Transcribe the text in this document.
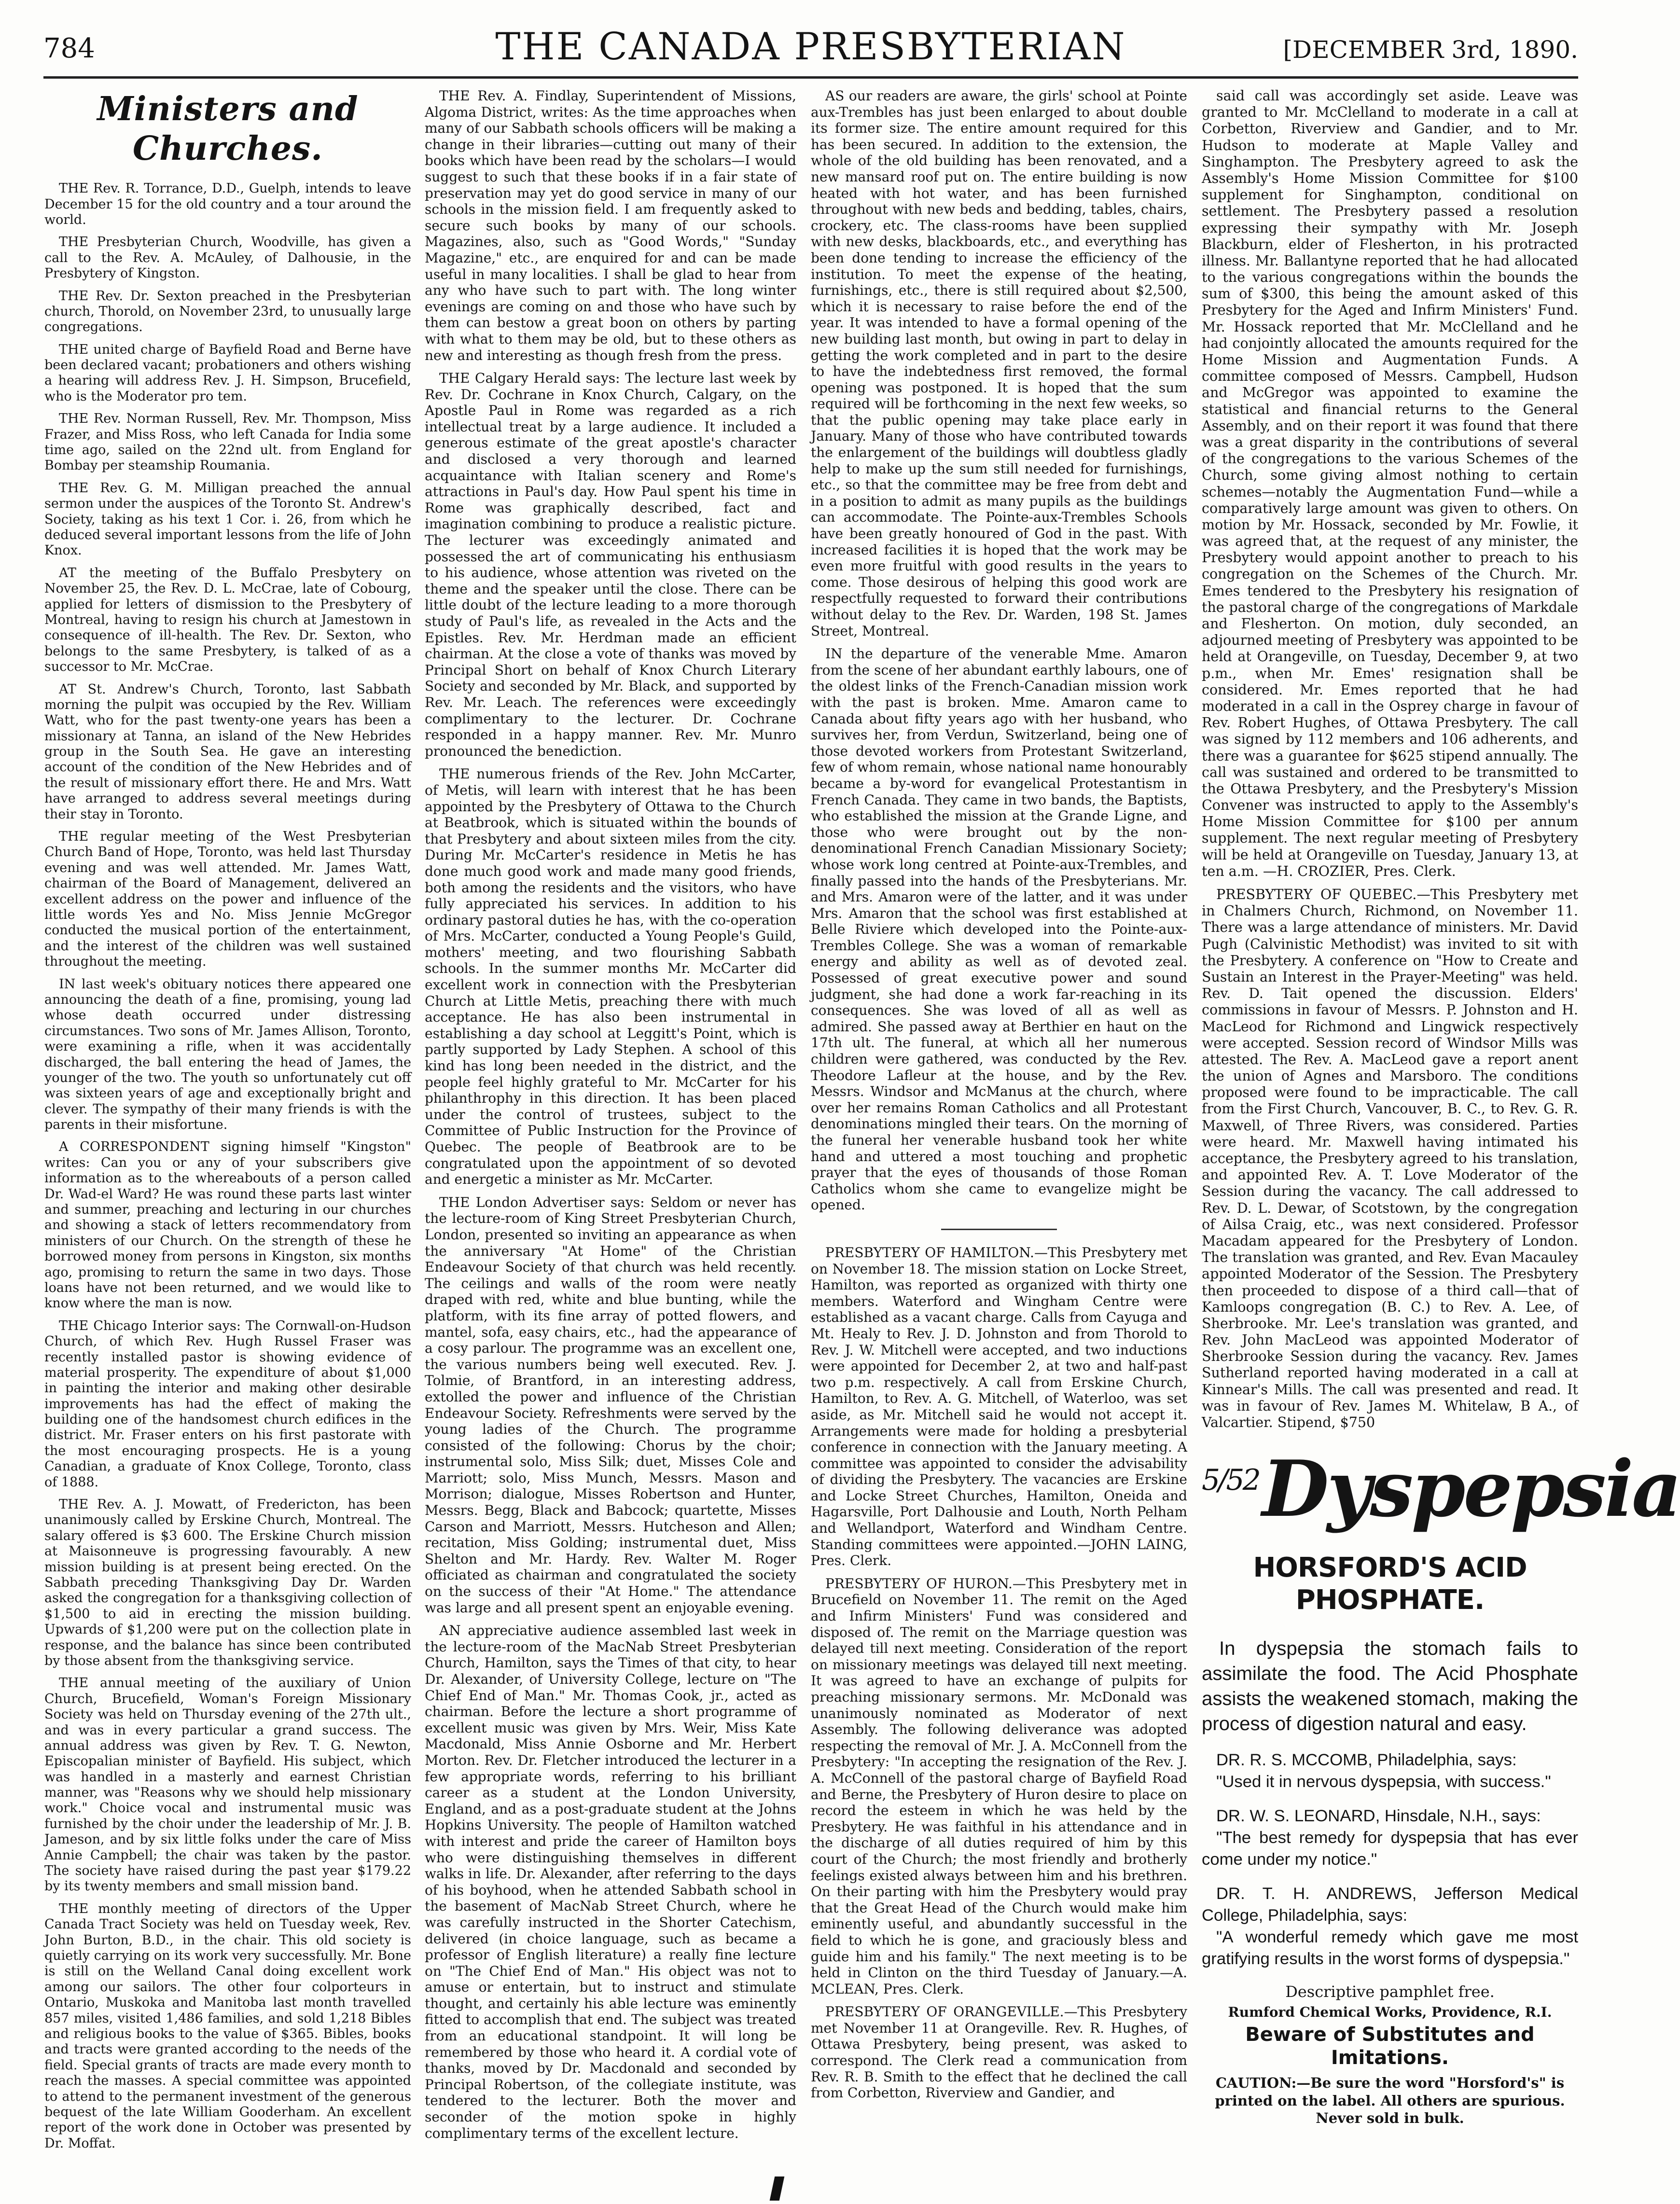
784	THE CANADA PRESBYTERIAN	[DECEMBER 3rd, 1890.
Ministers and Churches.

THE Rev. R. Torrance, D.D., Guelph, intends to leave December 15 for the old country and a tour around the world.

THE Presbyterian Church, Woodville, has given a call to the Rev. A. McAuley, of Dalhousie, in the Presbytery of Kingston.

THE Rev. Dr. Sexton preached in the Presbyterian church, Thorold, on November 23rd, to unusually large congregations.

THE united charge of Bayfield Road and Berne have been declared vacant; probationers and others wishing a hearing will address Rev. J. H. Simpson, Brucefield, who is the Moderator pro tem.

THE Rev. Norman Russell, Rev. Mr. Thompson, Miss Frazer, and Miss Ross, who left Canada for India some time ago, sailed on the 22nd ult. from England for Bombay per steamship Roumania.

THE Rev. G. M. Milligan preached the annual sermon under the auspices of the Toronto St. Andrew's Society, taking as his text 1 Cor. i. 26, from which he deduced several important lessons from the life of John Knox.

AT the meeting of the Buffalo Presbytery on November 25, the Rev. D. L. McCrae, late of Cobourg, applied for letters of dismission to the Presbytery of Montreal, having to resign his church at Jamestown in consequence of ill-health. The Rev. Dr. Sexton, who belongs to the same Presbytery, is talked of as a successor to Mr. McCrae.

AT St. Andrew's Church, Toronto, last Sabbath morning the pulpit was occupied by the Rev. William Watt, who for the past twenty-one years has been a missionary at Tanna, an island of the New Hebrides group in the South Sea. He gave an interesting account of the condition of the New Hebrides and of the result of missionary effort there. He and Mrs. Watt have arranged to address several meetings during their stay in Toronto.

THE regular meeting of the West Presbyterian Church Band of Hope, Toronto, was held last Thursday evening and was well attended. Mr. James Watt, chairman of the Board of Management, delivered an excellent address on the power and influence of the little words Yes and No. Miss Jennie McGregor conducted the musical portion of the entertainment, and the interest of the children was well sustained throughout the meeting.

IN last week's obituary notices there appeared one announcing the death of a fine, promising, young lad whose death occurred under distressing circumstances. Two sons of Mr. James Allison, Toronto, were examining a rifle, when it was accidentally discharged, the ball entering the head of James, the younger of the two. The youth so unfortunately cut off was sixteen years of age and exceptionally bright and clever. The sympathy of their many friends is with the parents in their misfortune.

A CORRESPONDENT signing himself "Kingston" writes: Can you or any of your subscribers give information as to the whereabouts of a person called Dr. Wad-el Ward? He was round these parts last winter and summer, preaching and lecturing in our churches and showing a stack of letters recommendatory from ministers of our Church. On the strength of these he borrowed money from persons in Kingston, six months ago, promising to return the same in two days. Those loans have not been returned, and we would like to know where the man is now.

THE Chicago Interior says: The Cornwall-on-Hudson Church, of which Rev. Hugh Russel Fraser was recently installed pastor is showing evidence of material prosperity. The expenditure of about $1,000 in painting the interior and making other desirable improvements has had the effect of making the building one of the handsomest church edifices in the district. Mr. Fraser enters on his first pastorate with the most encouraging prospects. He is a young Canadian, a graduate of Knox College, Toronto, class of 1888.

THE Rev. A. J. Mowatt, of Fredericton, has been unanimously called by Erskine Church, Montreal. The salary offered is $3 600. The Erskine Church mission at Maisonneuve is progressing favourably. A new mission building is at present being erected. On the Sabbath preceding Thanksgiving Day Dr. Warden asked the congregation for a thanksgiving collection of $1,500 to aid in erecting the mission building. Upwards of $1,200 were put on the collection plate in response, and the balance has since been contributed by those absent from the thanksgiving service.

THE annual meeting of the auxiliary of Union Church, Brucefield, Woman's Foreign Missionary Society was held on Thursday evening of the 27th ult., and was in every particular a grand success. The annual address was given by Rev. T. G. Newton, Episcopalian minister of Bayfield. His subject, which was handled in a masterly and earnest Christian manner, was "Reasons why we should help missionary work." Choice vocal and instrumental music was furnished by the choir under the leadership of Mr. J. B. Jameson, and by six little folks under the care of Miss Annie Campbell; the chair was taken by the pastor. The society have raised during the past year $179.22 by its twenty members and small mission band.

THE monthly meeting of directors of the Upper Canada Tract Society was held on Tuesday week, Rev. John Burton, B.D., in the chair. This old society is quietly carrying on its work very successfully. Mr. Bone is still on the Welland Canal doing excellent work among our sailors. The other four colporteurs in Ontario, Muskoka and Manitoba last month travelled 857 miles, visited 1,486 families, and sold 1,218 Bibles and religious books to the value of $365. Bibles, books and tracts were granted according to the needs of the field. Special grants of tracts are made every month to reach the masses. A special committee was appointed to attend to the permanent investment of the generous bequest of the late William Gooderham. An excellent report of the work done in October was presented by Dr. Moffat.

THE Rev. A. Findlay, Superintendent of Missions, Algoma District, writes: As the time approaches when many of our Sabbath schools officers will be making a change in their libraries—cutting out many of their books which have been read by the scholars—I would suggest to such that these books if in a fair state of preservation may yet do good service in many of our schools in the mission field. I am frequently asked to secure such books by many of our schools. Magazines, also, such as "Good Words," "Sunday Magazine," etc., are enquired for and can be made useful in many localities. I shall be glad to hear from any who have such to part with. The long winter evenings are coming on and those who have such by them can bestow a great boon on others by parting with what to them may be old, but to these others as new and interesting as though fresh from the press.

THE Calgary Herald says: The lecture last week by Rev. Dr. Cochrane in Knox Church, Calgary, on the Apostle Paul in Rome was regarded as a rich intellectual treat by a large audience. It included a generous estimate of the great apostle's character and disclosed a very thorough and learned acquaintance with Italian scenery and Rome's attractions in Paul's day. How Paul spent his time in Rome was graphically described, fact and imagination combining to produce a realistic picture. The lecturer was exceedingly animated and possessed the art of communicating his enthusiasm to his audience, whose attention was riveted on the theme and the speaker until the close. There can be little doubt of the lecture leading to a more thorough study of Paul's life, as revealed in the Acts and the Epistles. Rev. Mr. Herdman made an efficient chairman. At the close a vote of thanks was moved by Principal Short on behalf of Knox Church Literary Society and seconded by Mr. Black, and supported by Rev. Mr. Leach. The references were exceedingly complimentary to the lecturer. Dr. Cochrane responded in a happy manner. Rev. Mr. Munro pronounced the benediction.

THE numerous friends of the Rev. John McCarter, of Metis, will learn with interest that he has been appointed by the Presbytery of Ottawa to the Church at Beatbrook, which is situated within the bounds of that Presbytery and about sixteen miles from the city. During Mr. McCarter's residence in Metis he has done much good work and made many good friends, both among the residents and the visitors, who have fully appreciated his services. In addition to his ordinary pastoral duties he has, with the co-operation of Mrs. McCarter, conducted a Young People's Guild, mothers' meeting, and two flourishing Sabbath schools. In the summer months Mr. McCarter did excellent work in connection with the Presbyterian Church at Little Metis, preaching there with much acceptance. He has also been instrumental in establishing a day school at Leggitt's Point, which is partly supported by Lady Stephen. A school of this kind has long been needed in the district, and the people feel highly grateful to Mr. McCarter for his philanthrophy in this direction. It has been placed under the control of trustees, subject to the Committee of Public Instruction for the Province of Quebec. The people of Beatbrook are to be congratulated upon the appointment of so devoted and energetic a minister as Mr. McCarter.

THE London Advertiser says: Seldom or never has the lecture-room of King Street Presbyterian Church, London, presented so inviting an appearance as when the anniversary "At Home" of the Christian Endeavour Society of that church was held recently. The ceilings and walls of the room were neatly draped with red, white and blue bunting, while the platform, with its fine array of potted flowers, and mantel, sofa, easy chairs, etc., had the appearance of a cosy parlour. The programme was an excellent one, the various numbers being well executed. Rev. J. Tolmie, of Brantford, in an interesting address, extolled the power and influence of the Christian Endeavour Society. Refreshments were served by the young ladies of the Church. The programme consisted of the following: Chorus by the choir; instrumental solo, Miss Silk; duet, Misses Cole and Marriott; solo, Miss Munch, Messrs. Mason and Morrison; dialogue, Misses Robertson and Hunter, Messrs. Begg, Black and Babcock; quartette, Misses Carson and Marriott, Messrs. Hutcheson and Allen; recitation, Miss Golding; instrumental duet, Miss Shelton and Mr. Hardy. Rev. Walter M. Roger officiated as chairman and congratulated the society on the success of their "At Home." The attendance was large and all present spent an enjoyable evening.

AN appreciative audience assembled last week in the lecture-room of the MacNab Street Presbyterian Church, Hamilton, says the Times of that city, to hear Dr. Alexander, of University College, lecture on "The Chief End of Man." Mr. Thomas Cook, jr., acted as chairman. Before the lecture a short programme of excellent music was given by Mrs. Weir, Miss Kate Macdonald, Miss Annie Osborne and Mr. Herbert Morton. Rev. Dr. Fletcher introduced the lecturer in a few appropriate words, referring to his brilliant career as a student at the London University, England, and as a post-graduate student at the Johns Hopkins University. The people of Hamilton watched with interest and pride the career of Hamilton boys who were distinguishing themselves in different walks in life. Dr. Alexander, after referring to the days of his boyhood, when he attended Sabbath school in the basement of MacNab Street Church, where he was carefully instructed in the Shorter Catechism, delivered (in choice language, such as became a professor of English literature) a really fine lecture on "The Chief End of Man." His object was not to amuse or entertain, but to instruct and stimulate thought, and certainly his able lecture was eminently fitted to accomplish that end. The subject was treated from an educational standpoint. It will long be remembered by those who heard it. A cordial vote of thanks, moved by Dr. Macdonald and seconded by Principal Robertson, of the collegiate institute, was tendered to the lecturer. Both the mover and seconder of the motion spoke in highly complimentary terms of the excellent lecture.

AS our readers are aware, the girls' school at Pointe aux-Trembles has just been enlarged to about double its former size. The entire amount required for this has been secured. In addition to the extension, the whole of the old building has been renovated, and a new mansard roof put on. The entire building is now heated with hot water, and has been furnished throughout with new beds and bedding, tables, chairs, crockery, etc. The class-rooms have been supplied with new desks, blackboards, etc., and everything has been done tending to increase the efficiency of the institution. To meet the expense of the heating, furnishings, etc., there is still required about $2,500, which it is necessary to raise before the end of the year. It was intended to have a formal opening of the new building last month, but owing in part to delay in getting the work completed and in part to the desire to have the indebtedness first removed, the formal opening was postponed. It is hoped that the sum required will be forthcoming in the next few weeks, so that the public opening may take place early in January. Many of those who have contributed towards the enlargement of the buildings will doubtless gladly help to make up the sum still needed for furnishings, etc., so that the committee may be free from debt and in a position to admit as many pupils as the buildings can accommodate. The Pointe-aux-Trembles Schools have been greatly honoured of God in the past. With increased facilities it is hoped that the work may be even more fruitful with good results in the years to come. Those desirous of helping this good work are respectfully requested to forward their contributions without delay to the Rev. Dr. Warden, 198 St. James Street, Montreal.

IN the departure of the venerable Mme. Amaron from the scene of her abundant earthly labours, one of the oldest links of the French-Canadian mission work with the past is broken. Mme. Amaron came to Canada about fifty years ago with her husband, who survives her, from Verdun, Switzerland, being one of those devoted workers from Protestant Switzerland, few of whom remain, whose national name honourably became a by-word for evangelical Protestantism in French Canada. They came in two bands, the Baptists, who established the mission at the Grande Ligne, and those who were brought out by the non-denominational French Canadian Missionary Society; whose work long centred at Pointe-aux-Trembles, and finally passed into the hands of the Presbyterians. Mr. and Mrs. Amaron were of the latter, and it was under Mrs. Amaron that the school was first established at Belle Riviere which developed into the Pointe-aux-Trembles College. She was a woman of remarkable energy and ability as well as of devoted zeal. Possessed of great executive power and sound judgment, she had done a work far-reaching in its consequences. She was loved of all as well as admired. She passed away at Berthier en haut on the 17th ult. The funeral, at which all her numerous children were gathered, was conducted by the Rev. Theodore Lafleur at the house, and by the Rev. Messrs. Windsor and McManus at the church, where over her remains Roman Catholics and all Protestant denominations mingled their tears. On the morning of the funeral her venerable husband took her white hand and uttered a most touching and prophetic prayer that the eyes of thousands of those Roman Catholics whom she came to evangelize might be opened.

PRESBYTERY OF HAMILTON.—This Presbytery met on November 18. The mission station on Locke Street, Hamilton, was reported as organized with thirty one members. Waterford and Wingham Centre were established as a vacant charge. Calls from Cayuga and Mt. Healy to Rev. J. D. Johnston and from Thorold to Rev. J. W. Mitchell were accepted, and two inductions were appointed for December 2, at two and half-past two p.m. respectively. A call from Erskine Church, Hamilton, to Rev. A. G. Mitchell, of Waterloo, was set aside, as Mr. Mitchell said he would not accept it. Arrangements were made for holding a presbyterial conference in connection with the January meeting. A committee was appointed to consider the advisability of dividing the Presbytery. The vacancies are Erskine and Locke Street Churches, Hamilton, Oneida and Hagarsville, Port Dalhousie and Louth, North Pelham and Wellandport, Waterford and Windham Centre. Standing committees were appointed.—JOHN LAING, Pres. Clerk.

PRESBYTERY OF HURON.—This Presbytery met in Brucefield on November 11. The remit on the Aged and Infirm Ministers' Fund was considered and disposed of. The remit on the Marriage question was delayed till next meeting. Consideration of the report on missionary meetings was delayed till next meeting. It was agreed to have an exchange of pulpits for preaching missionary sermons. Mr. McDonald was unanimously nominated as Moderator of next Assembly. The following deliverance was adopted respecting the removal of Mr. J. A. McConnell from the Presbytery: "In accepting the resignation of the Rev. J. A. McConnell of the pastoral charge of Bayfield Road and Berne, the Presbytery of Huron desire to place on record the esteem in which he was held by the Presbytery. He was faithful in his attendance and in the discharge of all duties required of him by this court of the Church; the most friendly and brotherly feelings existed always between him and his brethren. On their parting with him the Presbytery would pray that the Great Head of the Church would make him eminently useful, and abundantly successful in the field to which he is gone, and graciously bless and guide him and his family." The next meeting is to be held in Clinton on the third Tuesday of January.—A. MCLEAN, Pres. Clerk.

PRESBYTERY OF ORANGEVILLE.—This Presbytery met November 11 at Orangeville. Rev. R. Hughes, of Ottawa Presbytery, being present, was asked to correspond. The Clerk read a communication from Rev. R. B. Smith to the effect that he declined the call from Corbetton, Riverview and Gandier, and

said call was accordingly set aside. Leave was granted to Mr. McClelland to moderate in a call at Corbetton, Riverview and Gandier, and to Mr. Hudson to moderate at Maple Valley and Singhampton. The Presbytery agreed to ask the Assembly's Home Mission Committee for $100 supplement for Singhampton, conditional on settlement. The Presbytery passed a resolution expressing their sympathy with Mr. Joseph Blackburn, elder of Flesherton, in his protracted illness. Mr. Ballantyne reported that he had allocated to the various congregations within the bounds the sum of $300, this being the amount asked of this Presbytery for the Aged and Infirm Ministers' Fund. Mr. Hossack reported that Mr. McClelland and he had conjointly allocated the amounts required for the Home Mission and Augmentation Funds. A committee composed of Messrs. Campbell, Hudson and McGregor was appointed to examine the statistical and financial returns to the General Assembly, and on their report it was found that there was a great disparity in the contributions of several of the congregations to the various Schemes of the Church, some giving almost nothing to certain schemes—notably the Augmentation Fund—while a comparatively large amount was given to others. On motion by Mr. Hossack, seconded by Mr. Fowlie, it was agreed that, at the request of any minister, the Presbytery would appoint another to preach to his congregation on the Schemes of the Church. Mr. Emes tendered to the Presbytery his resignation of the pastoral charge of the congregations of Markdale and Flesherton. On motion, duly seconded, an adjourned meeting of Presbytery was appointed to be held at Orangeville, on Tuesday, December 9, at two p.m., when Mr. Emes' resignation shall be considered. Mr. Emes reported that he had moderated in a call in the Osprey charge in favour of Rev. Robert Hughes, of Ottawa Presbytery. The call was signed by 112 members and 106 adherents, and there was a guarantee for $625 stipend annually. The call was sustained and ordered to be transmitted to the Ottawa Presbytery, and the Presbytery's Mission Convener was instructed to apply to the Assembly's Home Mission Committee for $100 per annum supplement. The next regular meeting of Presbytery will be held at Orangeville on Tuesday, January 13, at ten a.m. —H. CROZIER, Pres. Clerk.

PRESBYTERY OF QUEBEC.—This Presbytery met in Chalmers Church, Richmond, on November 11. There was a large attendance of ministers. Mr. David Pugh (Calvinistic Methodist) was invited to sit with the Presbytery. A conference on "How to Create and Sustain an Interest in the Prayer-Meeting" was held. Rev. D. Tait opened the discussion. Elders' commissions in favour of Messrs. P. Johnston and H. MacLeod for Richmond and Lingwick respectively were accepted. Session record of Windsor Mills was attested. The Rev. A. MacLeod gave a report anent the union of Agnes and Marsboro. The conditions proposed were found to be impracticable. The call from the First Church, Vancouver, B. C., to Rev. G. R. Maxwell, of Three Rivers, was considered. Parties were heard. Mr. Maxwell having intimated his acceptance, the Presbytery agreed to his translation, and appointed Rev. A. T. Love Moderator of the Session during the vacancy. The call addressed to Rev. D. L. Dewar, of Scotstown, by the congregation of Ailsa Craig, etc., was next considered. Professor Macadam appeared for the Presbytery of London. The translation was granted, and Rev. Evan Macauley appointed Moderator of the Session. The Presbytery then proceeded to dispose of a third call—that of Kamloops congregation (B. C.) to Rev. A. Lee, of Sherbrooke. Mr. Lee's translation was granted, and Rev. John MacLeod was appointed Moderator of Sherbrooke Session during the vacancy. Rev. James Sutherland reported having moderated in a call at Kinnear's Mills. The call was presented and read. It was in favour of Rev. James M. Whitelaw, B A., of Valcartier. Stipend, $750

$^{5/52}$Dyspepsia
HORSFORD'S ACID PHOSPHATE.

In dyspepsia the stomach fails to assimilate the food. The Acid Phosphate assists the weakened stomach, making the process of digestion natural and easy.

DR. R. S. MCCOMB, Philadelphia, says:

"Used it in nervous dyspepsia, with success."

DR. W. S. LEONARD, Hinsdale, N.H., says:

"The best remedy for dyspepsia that has ever come under my notice."

DR. T. H. ANDREWS, Jefferson Medical College, Philadelphia, says:

"A wonderful remedy which gave me most gratifying results in the worst forms of dyspepsia."

Descriptive pamphlet free.
Rumford Chemical Works, Providence, R.I.
Beware of Substitutes and Imitations.
CAUTION:—Be sure the word "Horsford's" is printed on the label. All others are spurious. Never sold in bulk.
